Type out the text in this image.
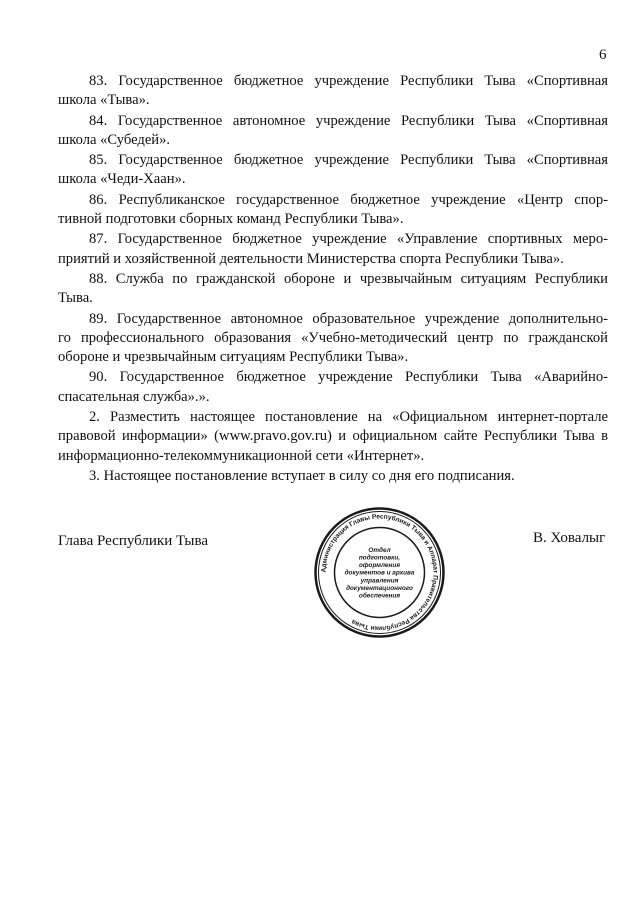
6
83. Государственное бюджетное учреждение Республики Тыва «Спортивная
школа «Тыва».
84. Государственное автономное учреждение Республики Тыва «Спортивная
школа «Субедей».
85. Государственное бюджетное учреждение Республики Тыва «Спортивная
школа «Чеди-Хаан».
86. Республиканское государственное бюджетное учреждение «Центр спор-
тивной подготовки сборных команд Республики Тыва».
87. Государственное бюджетное учреждение «Управление спортивных меро-
приятий и хозяйственной деятельности Министерства спорта Республики Тыва».
88. Служба по гражданской обороне и чрезвычайным ситуациям Республики
Тыва.
89. Государственное автономное образовательное учреждение дополнительно-
го профессионального образования «Учебно-методический центр по гражданской
обороне и чрезвычайным ситуациям Республики Тыва».
90. Государственное бюджетное учреждение Республики Тыва «Аварийно-
спасательная служба».».
2. Разместить настоящее постановление на «Официальном интернет-портале
правовой информации» (www.pravo.gov.ru) и официальном сайте Республики Тыва в
информационно-телекоммуникационной сети «Интернет».
3. Настоящее постановление вступает в силу со дня его подписания.
Глава Республики Тыва
Администрация Главы Республики Тыва и Аппарат Правительства Республики Тыва
Отдел
подготовки,
оформления
документов и архива
управления
документационного
обеспечения
В. Ховалыг
